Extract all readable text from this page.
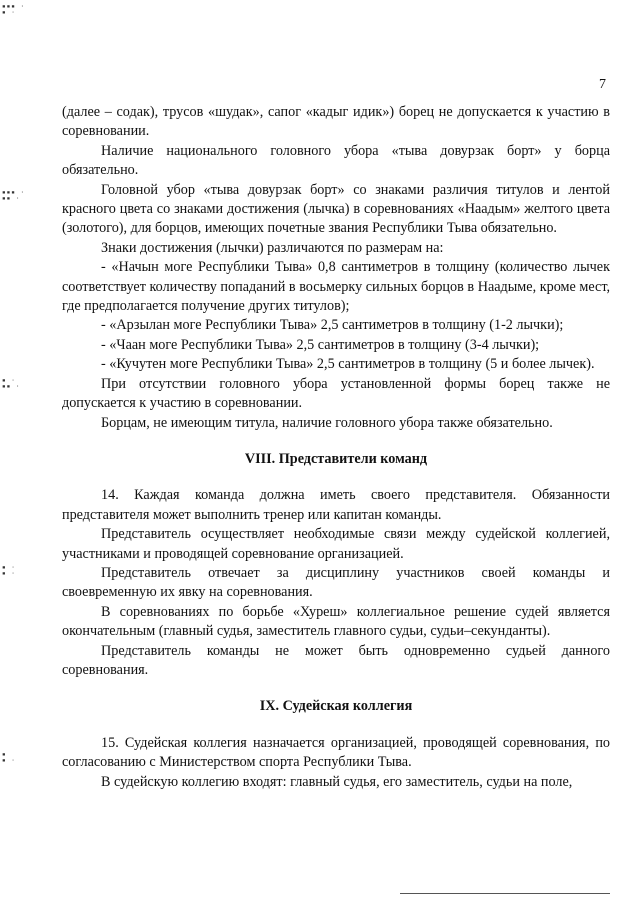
▪▪▪ ·
▪ ·
▪▪▪ ·
▪▪ ·
▪ ·
▪▪ ·
▪ ·
▪ ·
▪
▪ ·
7

(далее – содак), трусов «шудак», сапог «кадыг идик») борец не допускается к участию в соревновании.

Наличие национального головного убора «тыва довурзак борт» у борца обязательно.

Головной убор «тыва довурзак борт» со знаками различия титулов и лентой красного цвета со знаками достижения (лычка) в соревнованиях «Наадым» желтого цвета (золотого), для борцов, имеющих почетные звания Республики Тыва обязательно.

Знаки достижения (лычки) различаются по размерам на:

- «Начын моге Республики Тыва» 0,8 сантиметров в толщину (количество лычек соответствует количеству попаданий в восьмерку сильных борцов в Наадыме, кроме мест, где предполагается получение других титулов);

- «Арзылан моге Республики Тыва» 2,5 сантиметров в толщину (1-2 лычки);

- «Чаан моге Республики Тыва» 2,5 сантиметров в толщину (3-4 лычки);

- «Кучутен моге Республики Тыва» 2,5 сантиметров в толщину (5 и более лычек).

При отсутствии головного убора установленной формы борец также не допускается к участию в соревновании.

Борцам, не имеющим титула, наличие головного убора также обязательно.

VIII. Представители команд

14. Каждая команда должна иметь своего представителя. Обязанности представителя может выполнить тренер или капитан команды.

Представитель осуществляет необходимые связи между судейской коллегией, участниками и проводящей соревнование организацией.

Представитель отвечает за дисциплину участников своей команды и своевременную их явку на соревнования.

В соревнованиях по борьбе «Хуреш» коллегиальное решение судей является окончательным (главный судья, заместитель главного судьи, судьи–секунданты).

Представитель команды не может быть одновременно судьей данного соревнования.

IX. Судейская коллегия

15. Судейская коллегия назначается организацией, проводящей соревнования, по согласованию с Министерством спорта Республики Тыва.

В судейскую коллегию входят: главный судья, его заместитель, судьи на поле,
